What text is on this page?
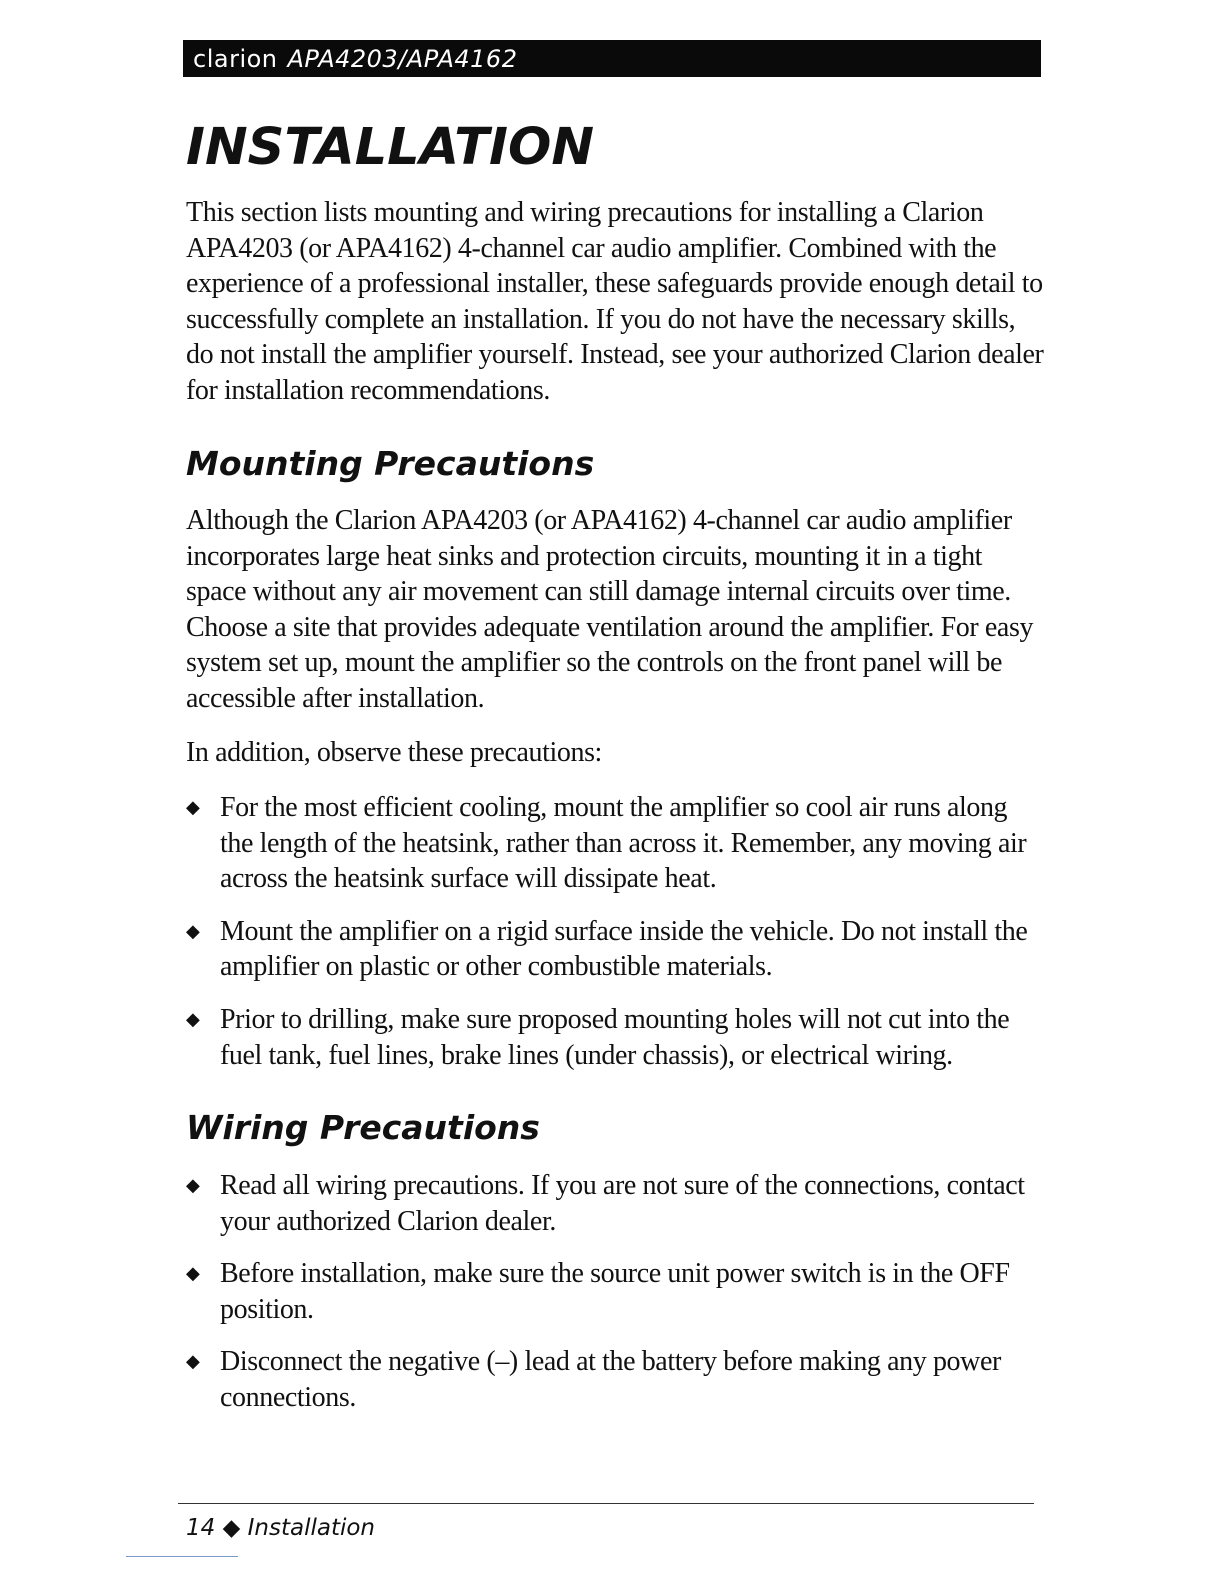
clarion APA4203/APA4162
INSTALLATION

This section lists mounting and wiring precautions for installing a Clarion APA4203 (or APA4162) 4-channel car audio amplifier. Combined with the experience of a professional installer, these safeguards provide enough detail to successfully complete an installation. If you do not have the necessary skills, do not install the amplifier yourself. Instead, see your authorized Clarion dealer for installation recommendations.

Mounting Precautions

Although the Clarion APA4203 (or APA4162) 4-channel car audio amplifier incorporates large heat sinks and protection circuits, mounting it in a tight space without any air movement can still damage internal circuits over time. Choose a site that provides adequate ventilation around the amplifier. For easy system set up, mount the amplifier so the controls on the front panel will be accessible after installation.

In addition, observe these precautions:

◆ For the most efficient cooling, mount the amplifier so cool air runs along the length of the heatsink, rather than across it. Remember, any moving air across the heatsink surface will dissipate heat.
◆ Mount the amplifier on a rigid surface inside the vehicle. Do not install the amplifier on plastic or other combustible materials.
◆ Prior to drilling, make sure proposed mounting holes will not cut into the fuel tank, fuel lines, brake lines (under chassis), or electrical wiring.
Wiring Precautions
◆ Read all wiring precautions. If you are not sure of the connections, contact your authorized Clarion dealer.
◆ Before installation, make sure the source unit power switch is in the OFF position.
◆ Disconnect the negative (–) lead at the battery before making any power connections.
14 ◆ Installation
